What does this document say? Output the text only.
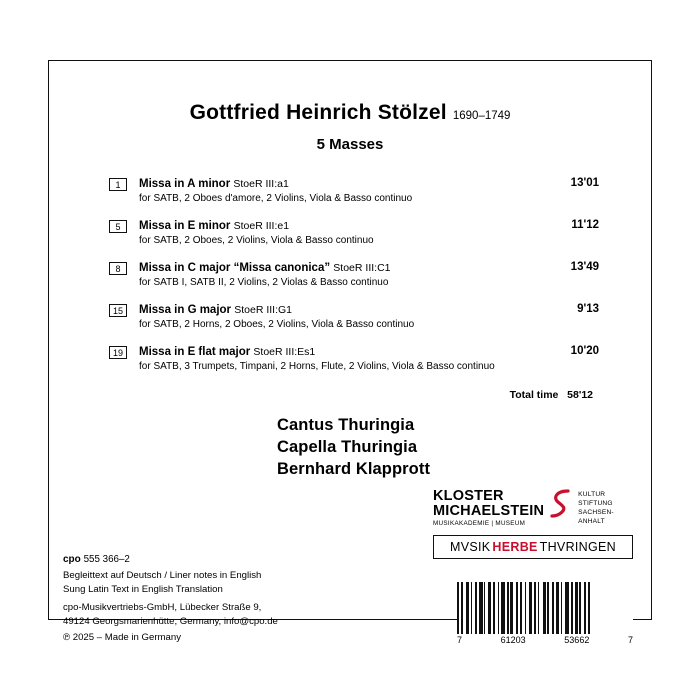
Gottfried Heinrich Stölzel 1690–1749
5 Masses
1	Missa in A minor StoeR III:a1
for SATB, 2 Oboes d'amore, 2 Violins, Viola & Basso continuo
13'01
5	Missa in E minor StoeR III:e1
for SATB, 2 Oboes, 2 Violins, Viola & Basso continuo
11'12
8	Missa in C major “Missa canonica” StoeR III:C1
for SATB I, SATB II, 2 Violins, 2 Violas & Basso continuo
13'49
15	Missa in G major StoeR III:G1
for SATB, 2 Horns, 2 Oboes, 2 Violins, Viola & Basso continuo
9'13
19	Missa in E flat major StoeR III:Es1
for SATB, 3 Trumpets, Timpani, 2 Horns, Flute, 2 Violins, Viola & Basso continuo
10'20
Total time 58'12
Cantus Thuringia
Capella Thuringia
Bernhard Klapprott
KLOSTER
MICHAELSTEIN
MUSIKAKADEMIE | MUSEUM
KULTUR
STIFTUNG
SACHSEN-
ANHALT
MVSIK HERBE THVRINGEN
cpo 555 366–2
Begleittext auf Deutsch / Liner notes in English
Sung Latin Text in English Translation
cpo-Musikvertriebs-GmbH, Lübecker Straße 9,
49124 Georgsmarienhütte, Germany, info@cpo.de
℗ 2025 – Made in Germany	7	61203	53662	7
